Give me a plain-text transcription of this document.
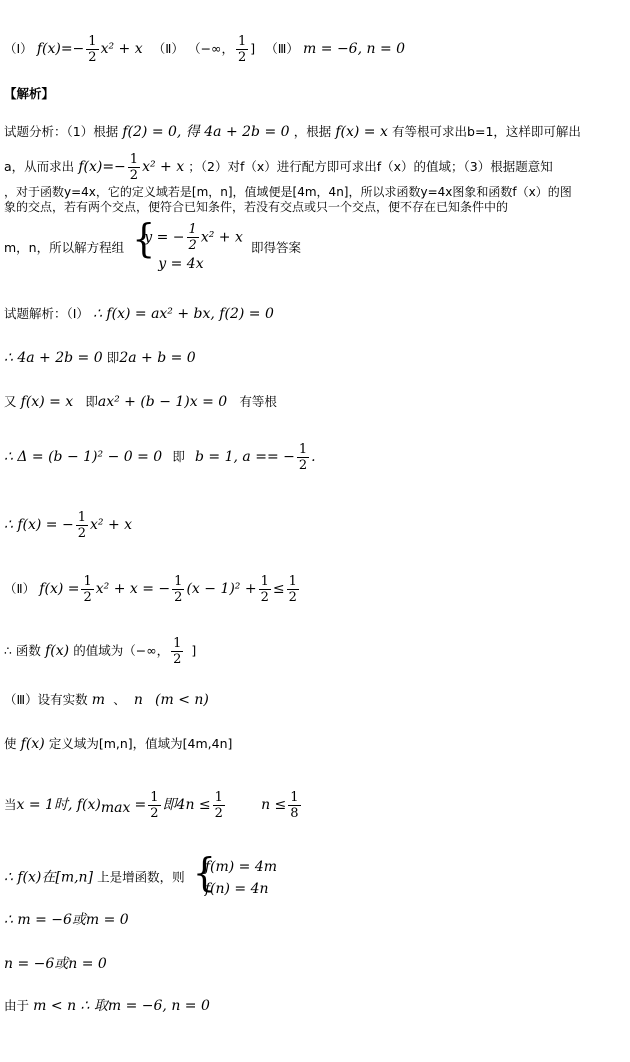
（Ⅰ） $f(x)=- \frac{1}{2} x^2 + x$ （Ⅱ） （−∞， $\frac{1}{2}$ ] （Ⅲ） m = −6, n = 0
【解析】
试题分析：（1）根据 f(2) = 0, 得 4a + 2b = 0 ，根据 f(x) = x 有等根可求出b=1，这样即可解出
a，从而求出 $f(x)=- \frac{1}{2} x^2 + x$ ；（2）对f（x）进行配方即可求出f（x）的值域；（3）根据题意知
，对于函数y=4x，它的定义域若是[m，n]，值域便是[4m，4n]，所以求函数y=4x图象和函数f（x）的图
象的交点，若有两个交点，便符合已知条件，若没有交点或只一个交点，便不存在已知条件中的
m，n，所以解方程组 {
y = − $\frac{1}{2} x^2 + x$
y = 4x
即得答案
试题解析：（Ⅰ） ∴ f(x) = ax² + bx, f(2) = 0
∴ 4a + 2b = 0 即2a + b = 0
又 f(x) = x 即ax² + (b − 1)x = 0 有等根
∴ Δ = (b − 1)² − 0 = 0 即 b = 1, a == − $\frac{1}{2}$ .
∴ f(x) = − $\frac{1}{2} x^2 + x$
（Ⅱ） $f(x) = \frac{1}{2} x^2 + x$ = − $\frac{1}{2} (x - 1)^2 + \frac{1}{2} \le \frac{1}{2}$
∴ 函数 f(x) 的值域为（−∞， $\frac{1}{2}$ ]
（Ⅲ）设有实数 m 、 n (m < n)
使 f(x) 定义域为[m,n]，值域为[4m,4n]
当x = 1时, $f(x)_{max} = \frac{1}{2}$ 即$4n \le \frac{1}{2}$	$n \le \frac{1}{8}$
∴ f(x)在[m,n] 上是增函数，则 {
f(m) = 4m
f(n) = 4n
∴ m = −6或m = 0
n = −6或n = 0
由于 m < n ∴ 取m = −6, n = 0
